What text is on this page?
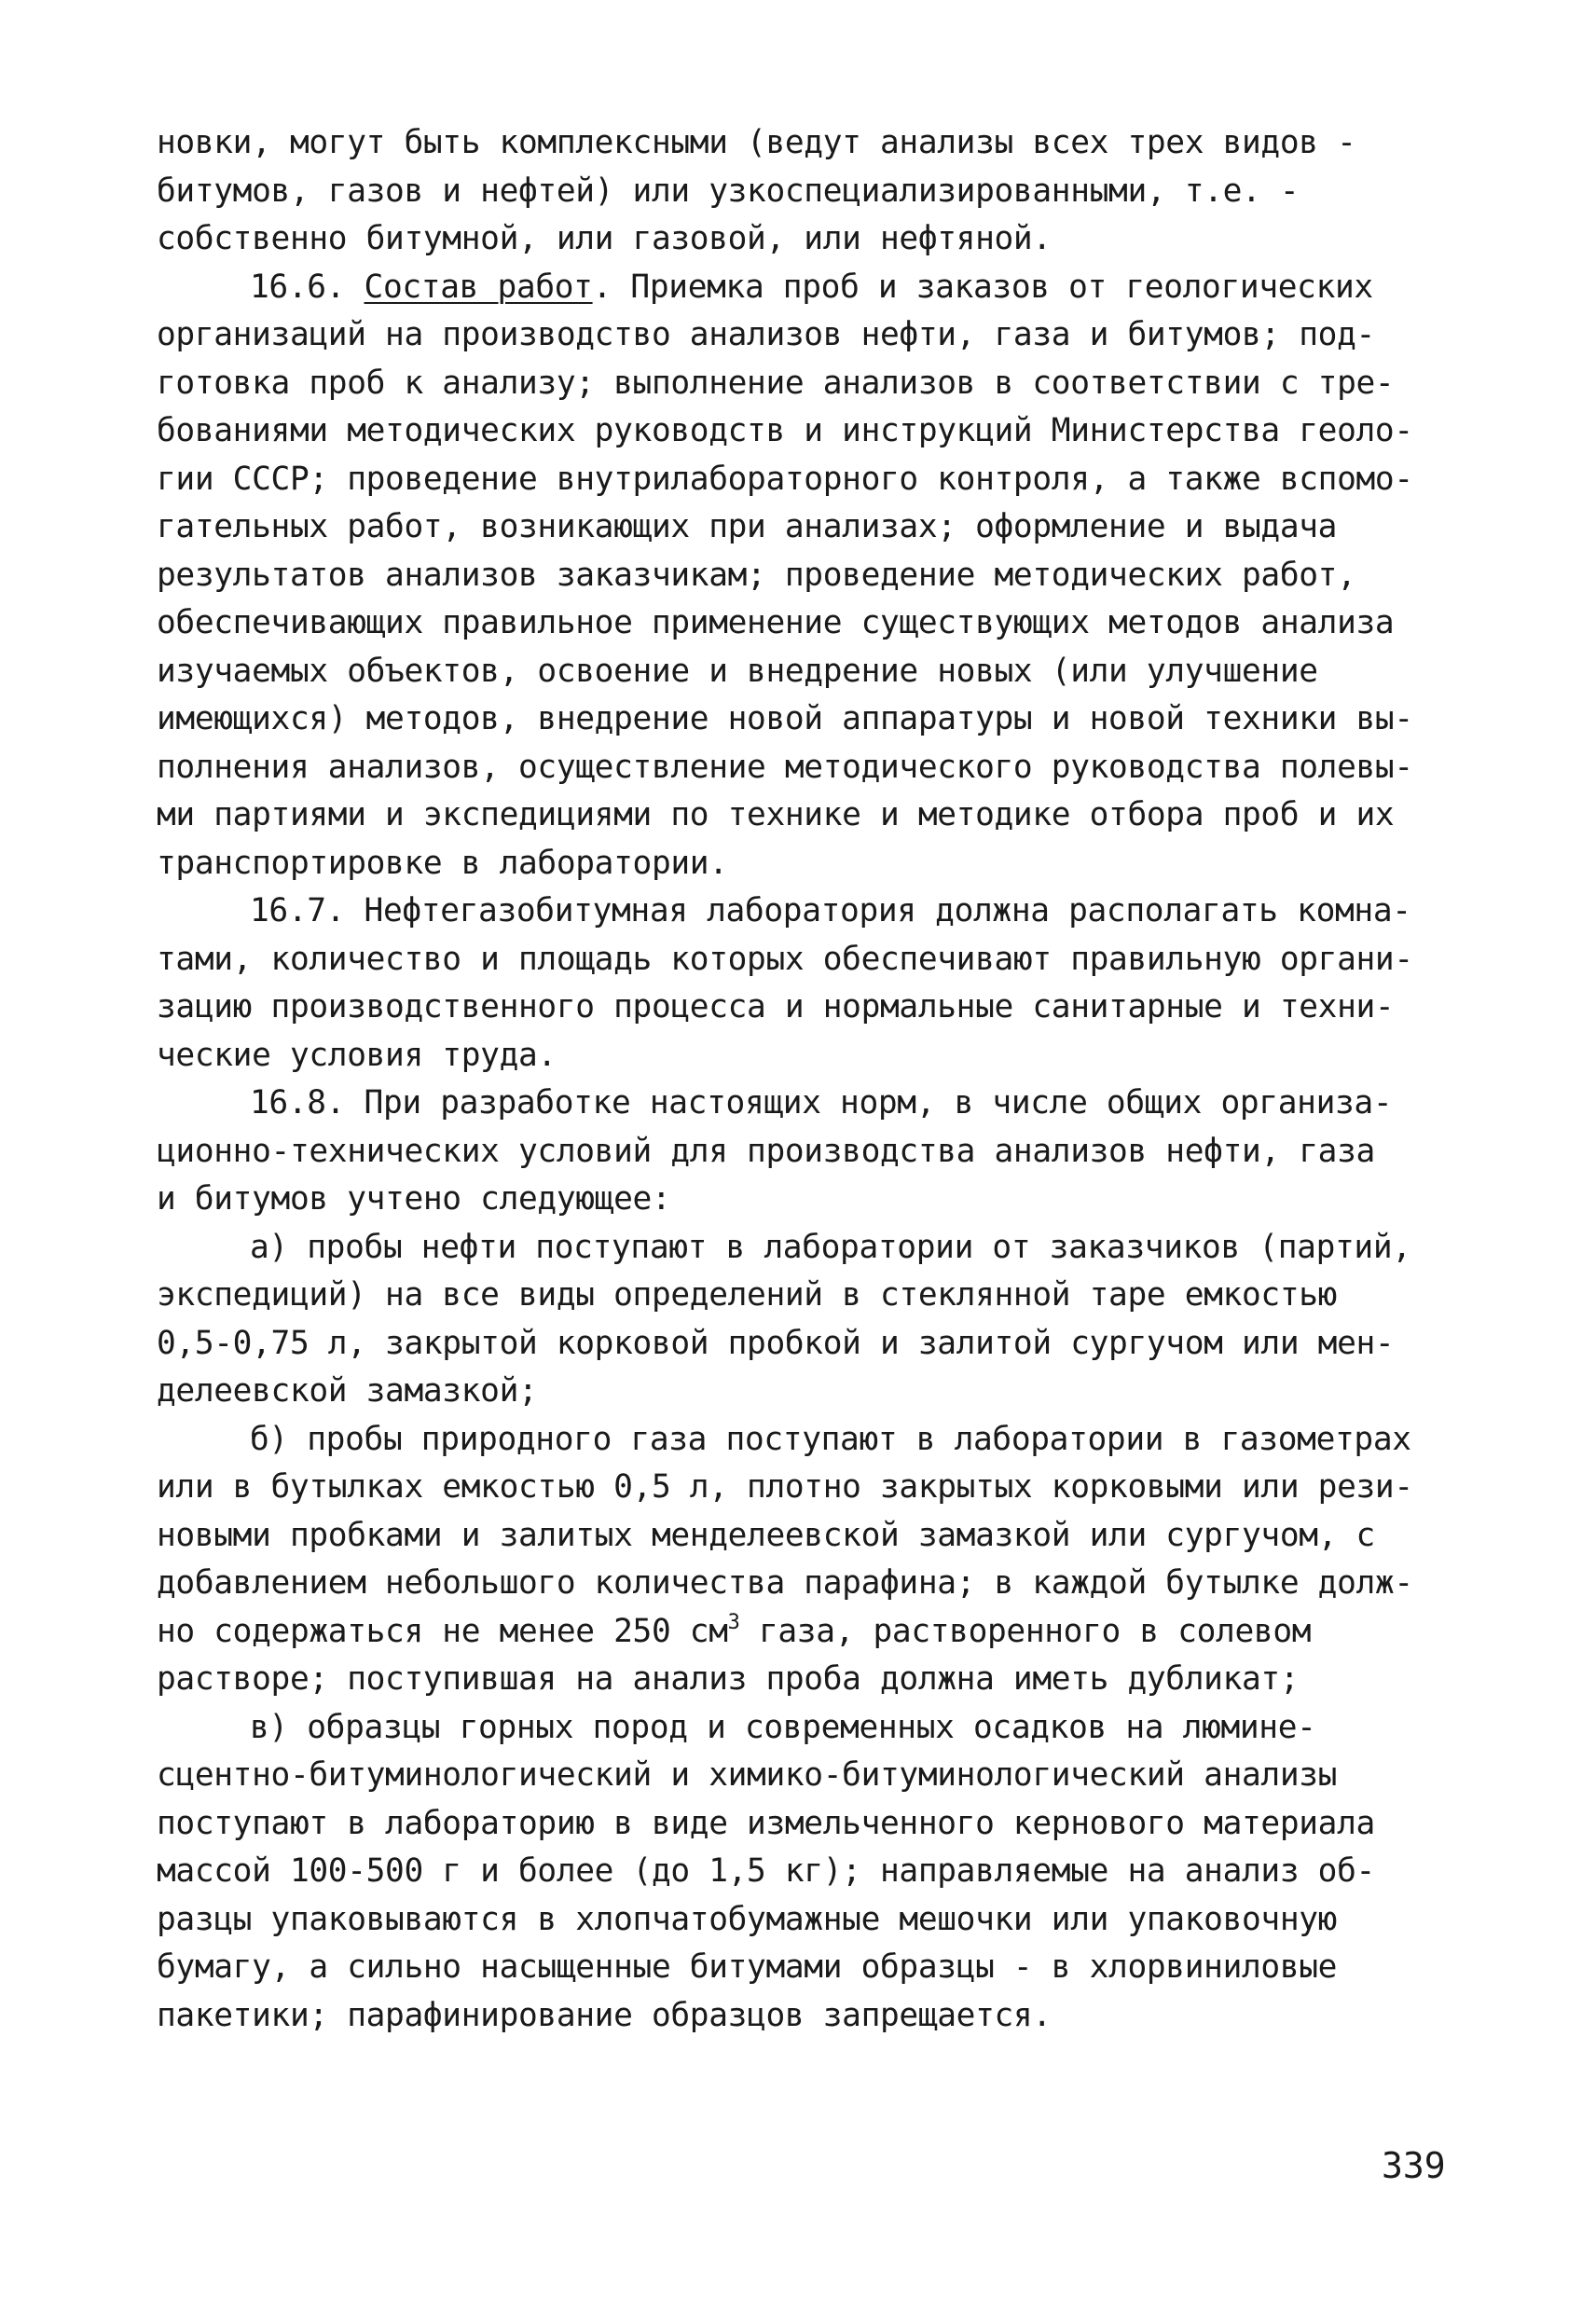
новки, могут быть комплексными (ведут анализы всех трех видов -
битумов, газов и нефтей) или узкоспециализированными, т.е. -
собственно битумной, или газовой, или нефтяной.
16.6. Состав работ. Приемка проб и заказов от геологических
организаций на производство анализов нефти, газа и битумов; под-
готовка проб к анализу; выполнение анализов в соответствии с тре-
бованиями методических руководств и инструкций Министерства геоло-
гии СССР; проведение внутрилабораторного контроля, а также вспомо-
гательных работ, возникающих при анализах; оформление и выдача
результатов анализов заказчикам; проведение методических работ,
обеспечивающих правильное применение существующих методов анализа
изучаемых объектов, освоение и внедрение новых (или улучшение
имеющихся) методов, внедрение новой аппаратуры и новой техники вы-
полнения анализов, осуществление методического руководства полевы-
ми партиями и экспедициями по технике и методике отбора проб и их
транспортировке в лаборатории.
16.7. Нефтегазобитумная лаборатория должна располагать комна-
тами, количество и площадь которых обеспечивают правильную органи-
зацию производственного процесса и нормальные санитарные и техни-
ческие условия труда.
16.8. При разработке настоящих норм, в числе общих организа-
ционно-технических условий для производства анализов нефти, газа
и битумов учтено следующее:
а) пробы нефти поступают в лаборатории от заказчиков (партий,
экспедиций) на все виды определений в стеклянной таре емкостью
0,5-0,75 л, закрытой корковой пробкой и залитой сургучом или мен-
делеевской замазкой;
б) пробы природного газа поступают в лаборатории в газометрах
или в бутылках емкостью 0,5 л, плотно закрытых корковыми или рези-
новыми пробками и залитых менделеевской замазкой или сургучом, с
добавлением небольшого количества парафина; в каждой бутылке долж-
но содержаться не менее 250 $см^3$ газа, растворенного в солевом
растворе; поступившая на анализ проба должна иметь дубликат;
в) образцы горных пород и современных осадков на люмине-
сцентно-битуминологический и химико-битуминологический анализы
поступают в лабораторию в виде измельченного кернового материала
массой 100-500 г и более (до 1,5 кг); направляемые на анализ об-
разцы упаковываются в хлопчатобумажные мешочки или упаковочную
бумагу, а сильно насыщенные битумами образцы - в хлорвиниловые
пакетики; парафинирование образцов запрещается.
339
